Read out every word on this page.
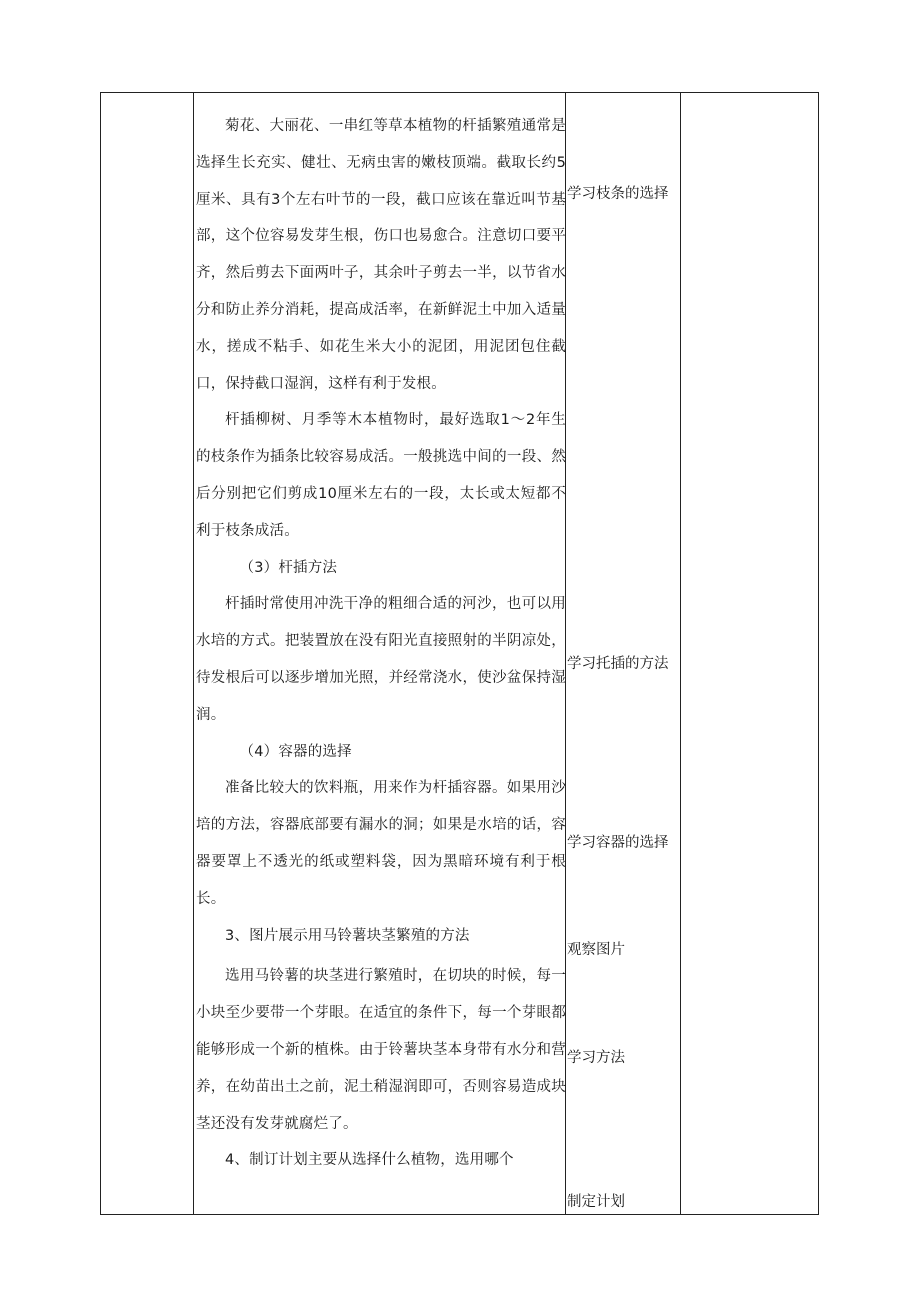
菊花、大丽花、一串红等草本植物的杆插繁殖通常是选择生长充实、健壮、无病虫害的嫩枝顶端。截取长约5厘米、具有3个左右叶节的一段，截口应该在靠近叫节基部，这个位容易发芽生根，伤口也易愈合。注意切口要平齐，然后剪去下面两叶子，其余叶子剪去一半，以节省水分和防止养分消耗，提高成活率，在新鲜泥土中加入适量水，搓成不粘手、如花生米大小的泥团，用泥团包住截口，保持截口湿润，这样有利于发根。

杆插柳树、月季等木本植物时，最好选取1～2年生的枝条作为插条比较容易成活。一般挑选中间的一段、然后分别把它们剪成10厘米左右的一段，太长或太短都不利于枝条成活。

（3）杆插方法

杆插时常使用冲洗干净的粗细合适的河沙，也可以用水培的方式。把装置放在没有阳光直接照射的半阴凉处，待发根后可以逐步增加光照，并经常浇水，使沙盆保持湿润。

（4）容器的选择

准备比较大的饮料瓶，用来作为杆插容器。如果用沙培的方法，容器底部要有漏水的洞；如果是水培的话，容器要罩上不透光的纸或塑料袋，因为黑暗环境有利于根长。

3、图片展示用马铃薯块茎繁殖的方法

选用马铃薯的块茎进行繁殖时，在切块的时候，每一小块至少要带一个芽眼。在适宜的条件下，每一个芽眼都能够形成一个新的植株。由于铃薯块茎本身带有水分和营养，在幼苗出土之前，泥土稍湿润即可，否则容易造成块茎还没有发芽就腐烂了。

4、制订计划主要从选择什么植物，选用哪个

学习枝条的选择

学习托插的方法

学习容器的选择

观察图片

学习方法

制定计划
